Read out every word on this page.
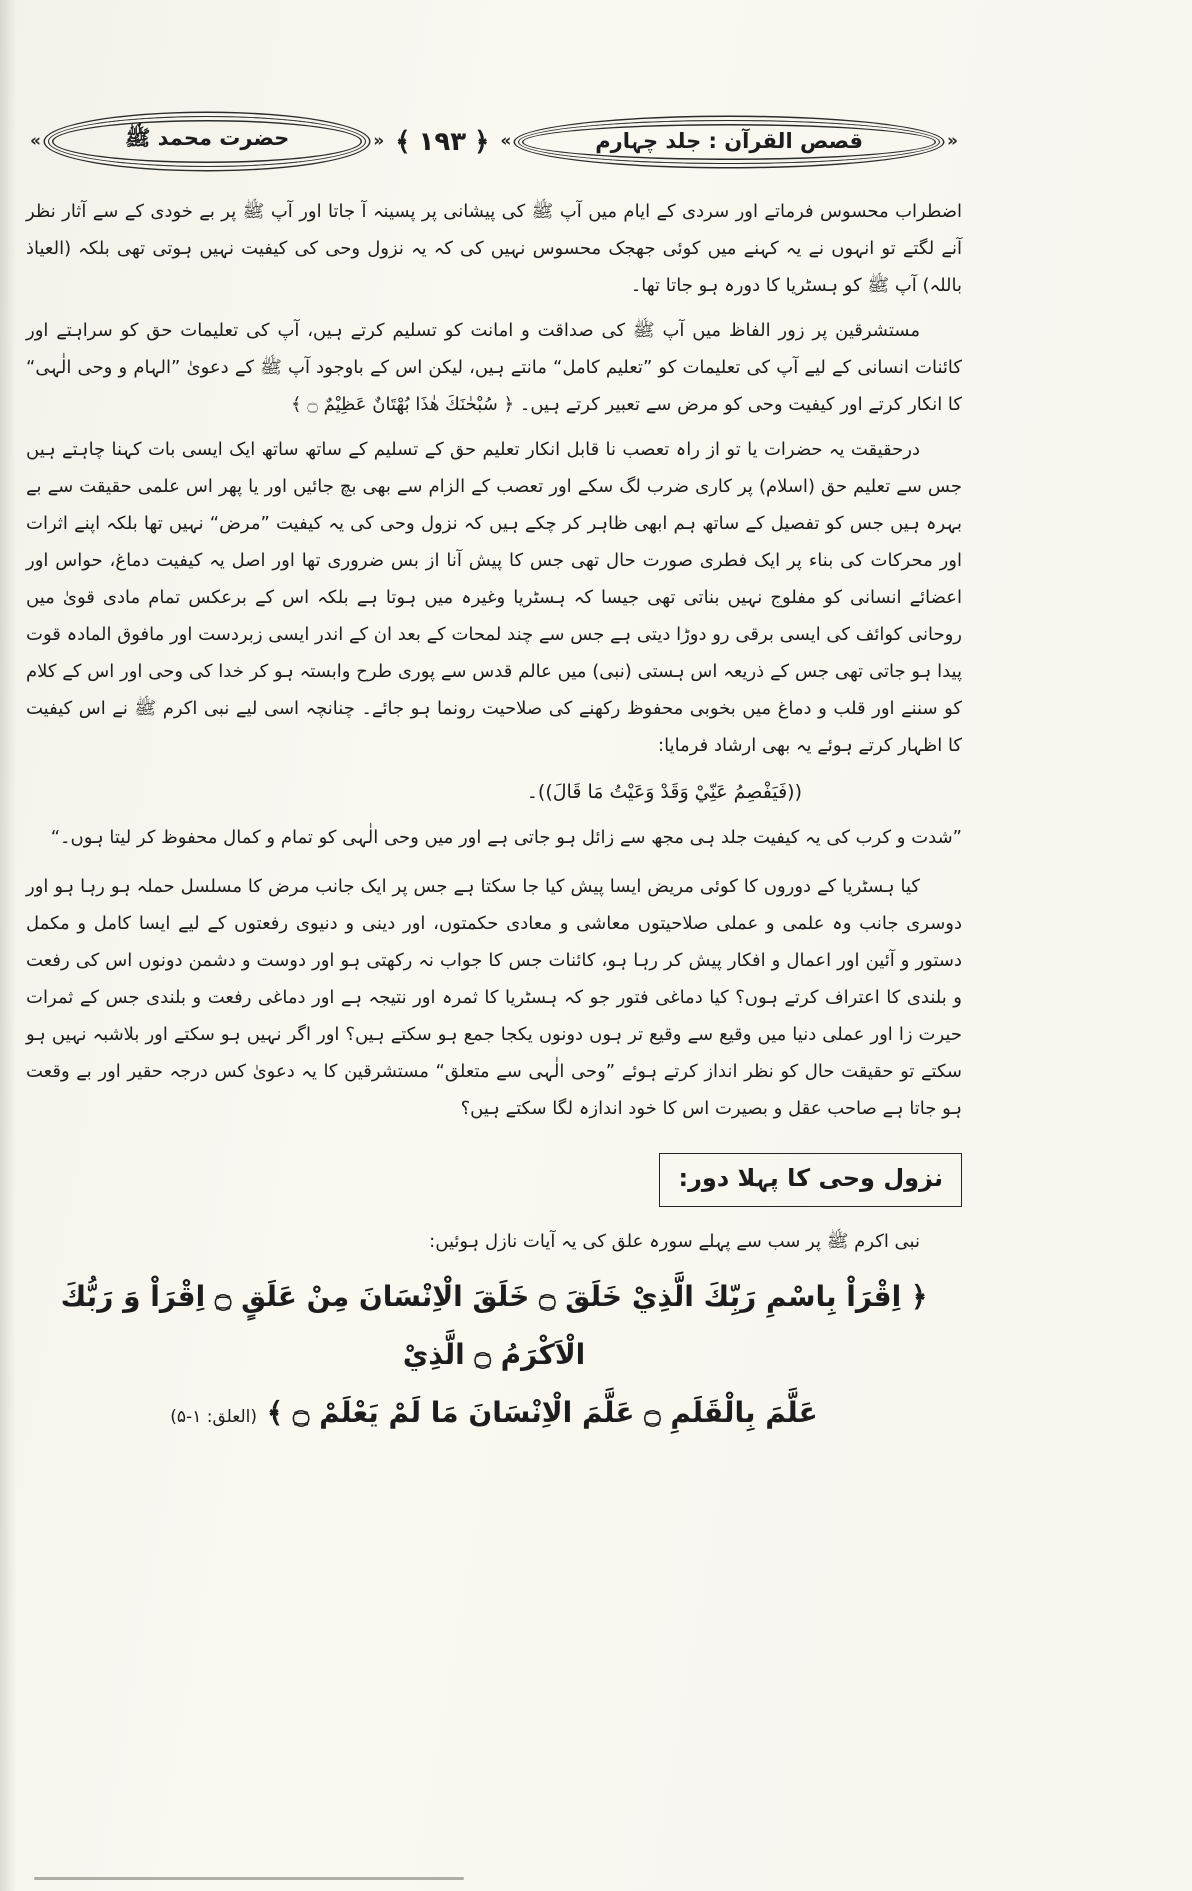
«
قصص القرآن : جلد چہارم
»
﴿
۱۹۳
﴾
«
حضرت محمد ﷺ
»

اضطراب محسوس فرماتے اور سردی کے ایام میں آپ ﷺ کی پیشانی پر پسینہ آ جاتا اور آپ ﷺ پر بے خودی کے سے آثار نظر آنے لگتے تو انہوں نے یہ کہنے میں کوئی جھجک محسوس نہیں کی کہ یہ نزول وحی کی کیفیت نہیں ہوتی تھی بلکہ (العیاذ باللہ) آپ ﷺ کو ہسٹریا کا دورہ ہو جاتا تھا۔

مستشرقین پر زور الفاظ میں آپ ﷺ کی صداقت و امانت کو تسلیم کرتے ہیں، آپ کی تعلیمات حق کو سراہتے اور کائنات انسانی کے لیے آپ کی تعلیمات کو ”تعلیم کامل“ مانتے ہیں، لیکن اس کے باوجود آپ ﷺ کے دعویٰ ”الہام و وحی الٰہی“ کا انکار کرتے اور کیفیت وحی کو مرض سے تعبیر کرتے ہیں۔ ﴿ سُبْحٰنَكَ هٰذَا بُهْتَانٌ عَظِيْمٌ ۝ ﴾

درحقیقت یہ حضرات یا تو از راہ تعصب نا قابل انکار تعلیم حق کے تسلیم کے ساتھ ساتھ ایک ایسی بات کہنا چاہتے ہیں جس سے تعلیم حق (اسلام) پر کاری ضرب لگ سکے اور تعصب کے الزام سے بھی بچ جائیں اور یا پھر اس علمی حقیقت سے بے بہرہ ہیں جس کو تفصیل کے ساتھ ہم ابھی ظاہر کر چکے ہیں کہ نزول وحی کی یہ کیفیت ”مرض“ نہیں تھا بلکہ اپنے اثرات اور محرکات کی بناء پر ایک فطری صورت حال تھی جس کا پیش آنا از بس ضروری تھا اور اصل یہ کیفیت دماغ، حواس اور اعضائے انسانی کو مفلوج نہیں بناتی تھی جیسا کہ ہسٹریا وغیرہ میں ہوتا ہے بلکہ اس کے برعکس تمام مادی قویٰ میں روحانی کوائف کی ایسی برقی رو دوڑا دیتی ہے جس سے چند لمحات کے بعد ان کے اندر ایسی زبردست اور مافوق المادہ قوت پیدا ہو جاتی تھی جس کے ذریعہ اس ہستی (نبی) میں عالم قدس سے پوری طرح وابستہ ہو کر خدا کی وحی اور اس کے کلام کو سننے اور قلب و دماغ میں بخوبی محفوظ رکھنے کی صلاحیت رونما ہو جائے۔ چنانچہ اسی لیے نبی اکرم ﷺ نے اس کیفیت کا اظہار کرتے ہوئے یہ بھی ارشاد فرمایا:

((فَيَفْصِمُ عَنِّيْ وَقَدْ وَعَيْتُ مَا قَالَ))۔

”شدت و کرب کی یہ کیفیت جلد ہی مجھ سے زائل ہو جاتی ہے اور میں وحی الٰہی کو تمام و کمال محفوظ کر لیتا ہوں۔“

کیا ہسٹریا کے دوروں کا کوئی مریض ایسا پیش کیا جا سکتا ہے جس پر ایک جانب مرض کا مسلسل حملہ ہو رہا ہو اور دوسری جانب وہ علمی و عملی صلاحیتوں معاشی و معادی حکمتوں، اور دینی و دنیوی رفعتوں کے لیے ایسا کامل و مکمل دستور و آئین اور اعمال و افکار پیش کر رہا ہو، کائنات جس کا جواب نہ رکھتی ہو اور دوست و دشمن دونوں اس کی رفعت و بلندی کا اعتراف کرتے ہوں؟ کیا دماغی فتور جو کہ ہسٹریا کا ثمرہ اور نتیجہ ہے اور دماغی رفعت و بلندی جس کے ثمرات حیرت زا اور عملی دنیا میں وقیع سے وقیع تر ہوں دونوں یکجا جمع ہو سکتے ہیں؟ اور اگر نہیں ہو سکتے اور بلاشبہ نہیں ہو سکتے تو حقیقت حال کو نظر انداز کرتے ہوئے ”وحی الٰہی سے متعلق“ مستشرقین کا یہ دعویٰ کس درجہ حقیر اور بے وقعت ہو جاتا ہے صاحب عقل و بصیرت اس کا خود اندازہ لگا سکتے ہیں؟

نزول وحی کا پہلا دور:

نبی اکرم ﷺ پر سب سے پہلے سورہ علق کی یہ آیات نازل ہوئیں:

﴿ اِقْرَاْ بِاسْمِ رَبِّكَ الَّذِيْ خَلَقَ ۝ خَلَقَ الْاِنْسَانَ مِنْ عَلَقٍ ۝ اِقْرَاْ وَ رَبُّكَ الْاَكْرَمُ ۝ الَّذِيْ
عَلَّمَ بِالْقَلَمِ ۝ عَلَّمَ الْاِنْسَانَ مَا لَمْ يَعْلَمْ ۝ ﴾ (العلق: ۱-۵)
